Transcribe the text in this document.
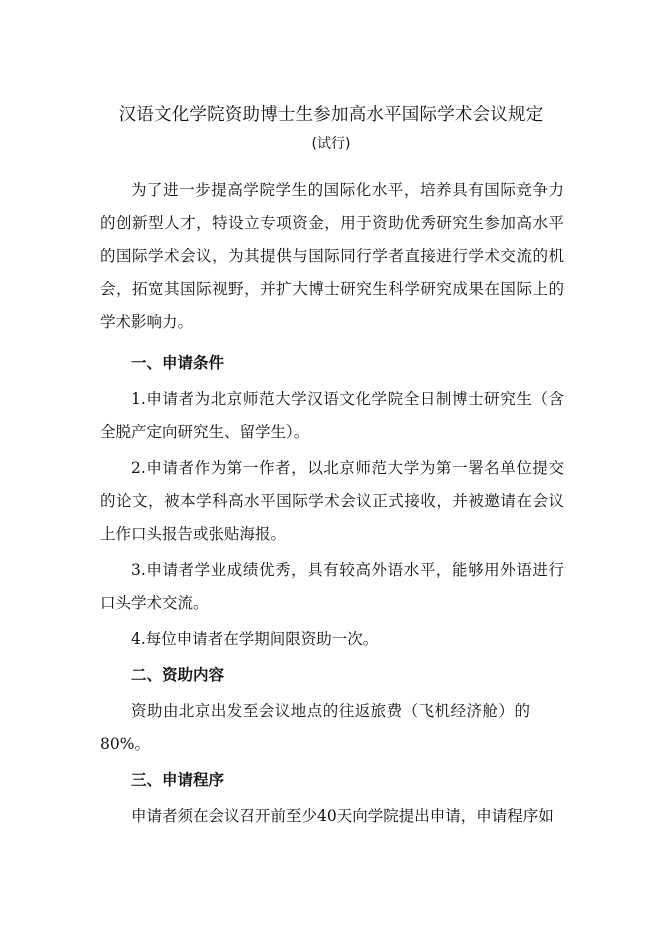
汉语文化学院资助博士生参加高水平国际学术会议规定
(试行)

为了进一步提高学院学生的国际化水平，培养具有国际竞争力的创新型人才，特设立专项资金，用于资助优秀研究生参加高水平的国际学术会议，为其提供与国际同行学者直接进行学术交流的机会，拓宽其国际视野，并扩大博士研究生科学研究成果在国际上的学术影响力。

一、申请条件

1.申请者为北京师范大学汉语文化学院全日制博士研究生（含全脱产定向研究生、留学生）。

2.申请者作为第一作者，以北京师范大学为第一署名单位提交的论文，被本学科高水平国际学术会议正式接收，并被邀请在会议上作口头报告或张贴海报。

3.申请者学业成绩优秀，具有较高外语水平，能够用外语进行口头学术交流。

4.每位申请者在学期间限资助一次。

二、资助内容

资助由北京出发至会议地点的往返旅费（飞机经济舱）的80%。

三、申请程序

申请者须在会议召开前至少40天向学院提出申请，申请程序如
